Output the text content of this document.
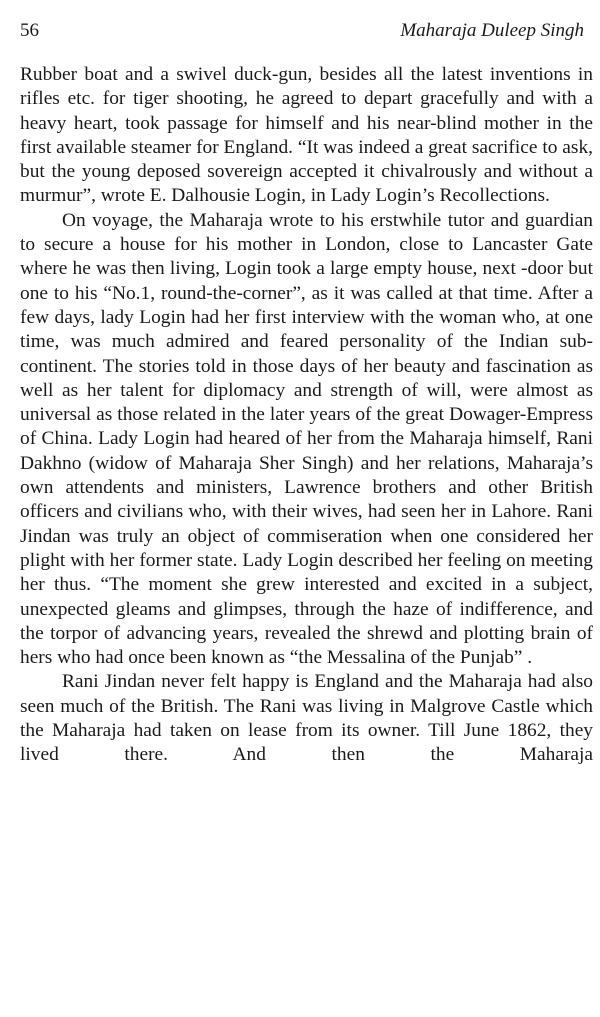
56	Maharaja Duleep Singh

Rubber boat and a swivel duck-gun, besides all the latest inventions in rifles etc. for tiger shooting, he agreed to depart gracefully and with a heavy heart, took passage for himself and his near-blind mother in the first available steamer for England. “It was indeed a great sacrifice to ask, but the young deposed sovereign accepted it chivalrously and without a murmur”, wrote E. Dalhousie Login, in Lady Login’s Recollections.

On voyage, the Maharaja wrote to his erstwhile tutor and guardian to secure a house for his mother in London, close to Lancaster Gate where he was then living, Login took a large empty house, next -door but one to his “No.1, round-the-corner”, as it was called at that time. After a few days, lady Login had her first interview with the woman who, at one time, was much admired and feared personality of the Indian sub-continent. The stories told in those days of her beauty and fascination as well as her talent for diplomacy and strength of will, were almost as universal as those related in the later years of the great Dowager-Empress of China. Lady Login had heared of her from the Maharaja himself, Rani Dakhno (widow of Maharaja Sher Singh) and her relations, Maharaja’s own attendents and ministers, Lawrence brothers and other British officers and civilians who, with their wives, had seen her in Lahore. Rani Jindan was truly an object of commiseration when one considered her plight with her former state. Lady Login described her feeling on meeting her thus. “The moment she grew interested and excited in a subject, unexpected gleams and glimpses, through the haze of indifference, and the torpor of advancing years, revealed the shrewd and plotting brain of hers who had once been known as “the Messalina of the Punjab” .

Rani Jindan never felt happy is England and the Maharaja had also seen much of the British. The Rani was living in Malgrove Castle which the Maharaja had taken on lease from its owner. Till June 1862, they lived there. And then the Maharaja
